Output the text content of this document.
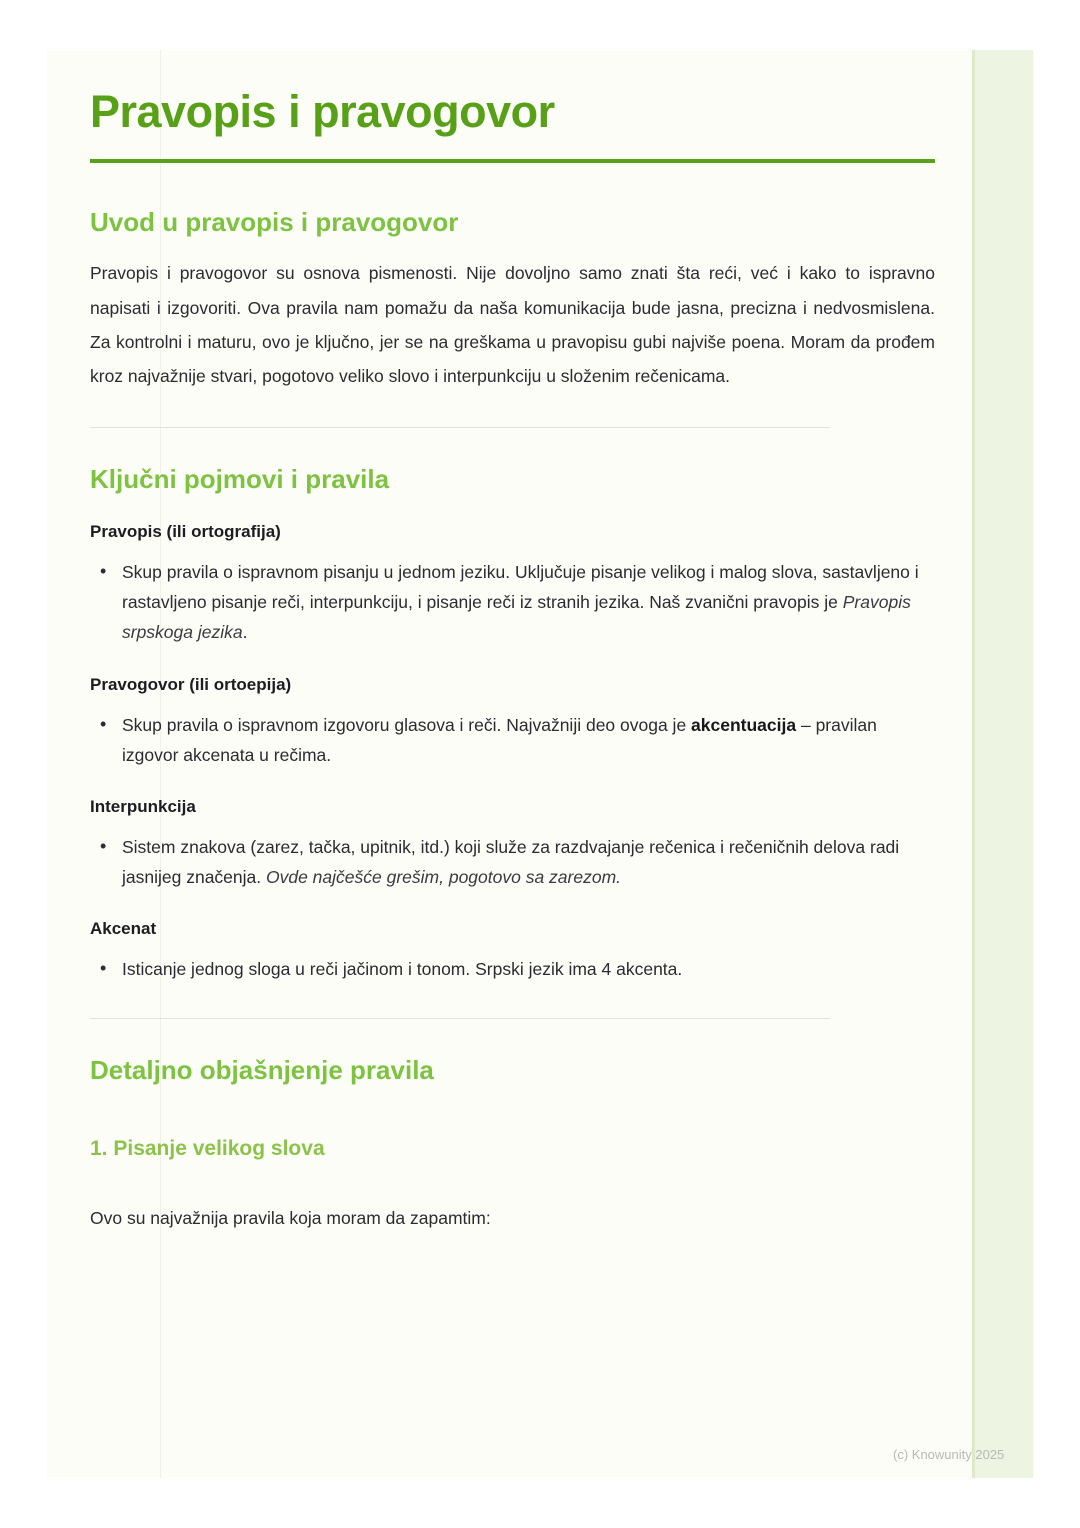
Pravopis i pravogovor
Uvod u pravopis i pravogovor

Pravopis i pravogovor su osnova pismenosti. Nije dovoljno samo znati šta reći, već i kako to ispravno napisati i izgovoriti. Ova pravila nam pomažu da naša komunikacija bude jasna, precizna i nedvosmislena. Za kontrolni i maturu, ovo je ključno, jer se na greškama u pravopisu gubi najviše poena. Moram da prođem kroz najvažnije stvari, pogotovo veliko slovo i interpunkciju u složenim rečenicama.

Ključni pojmovi i pravila
Pravopis (ili ortografija)
• Skup pravila o ispravnom pisanju u jednom jeziku. Uključuje pisanje velikog i malog slova, sastavljeno i rastavljeno pisanje reči, interpunkciju, i pisanje reči iz stranih jezika. Naš zvanični pravopis je Pravopis srpskoga jezika.
Pravogovor (ili ortoepija)
• Skup pravila o ispravnom izgovoru glasova i reči. Najvažniji deo ovoga je akcentuacija – pravilan izgovor akcenata u rečima.
Interpunkcija
• Sistem znakova (zarez, tačka, upitnik, itd.) koji služe za razdvajanje rečenica i rečeničnih delova radi jasnijeg značenja. Ovde najčešće grešim, pogotovo sa zarezom.
Akcenat
• Isticanje jednog sloga u reči jačinom i tonom. Srpski jezik ima 4 akcenta.
Detaljno objašnjenje pravila
1. Pisanje velikog slova

Ovo su najvažnija pravila koja moram da zapamtim:

(c) Knowunity 2025
